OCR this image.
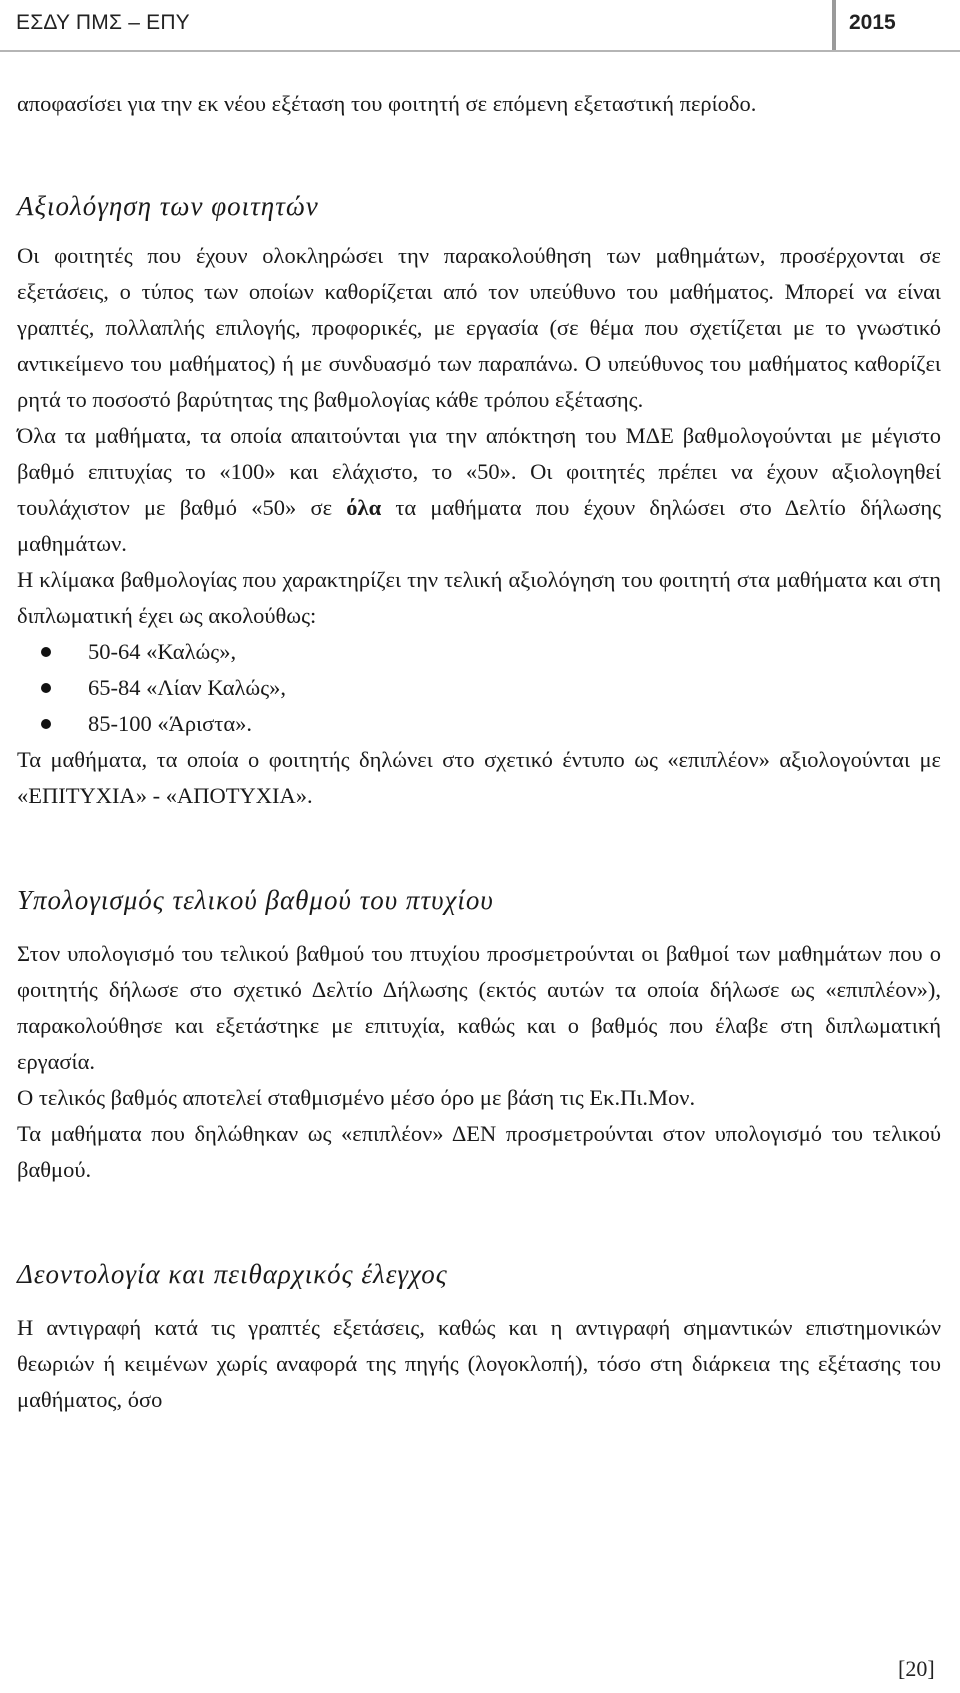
ΕΣΔΥ ΠΜΣ – ΕΠΥ	2015

αποφασίσει για την εκ νέου εξέταση του φοιτητή σε επόμενη εξεταστική περίοδο.

Αξιολόγηση των φοιτητών

Οι φοιτητές που έχουν ολοκληρώσει την παρακολούθηση των μαθημάτων, προσέρχονται σε εξετάσεις, ο τύπος των οποίων καθορίζεται από τον υπεύθυνο του μαθήματος. Μπορεί να είναι γραπτές, πολλαπλής επιλογής, προφορικές, με εργασία (σε θέμα που σχετίζεται με το γνωστικό αντικείμενο του μαθήματος) ή με συνδυασμό των παραπάνω. Ο υπεύθυνος του μαθήματος καθορίζει ρητά το ποσοστό βαρύτητας της βαθμολογίας κάθε τρόπου εξέτασης.

Όλα τα μαθήματα, τα οποία απαιτούνται για την απόκτηση του ΜΔΕ βαθμολογούνται με μέγιστο βαθμό επιτυχίας το «100» και ελάχιστο, το «50». Οι φοιτητές πρέπει να έχουν αξιολογηθεί τουλάχιστον με βαθμό «50» σε όλα τα μαθήματα που έχουν δηλώσει στο Δελτίο δήλωσης μαθημάτων.

Η κλίμακα βαθμολογίας που χαρακτηρίζει την τελική αξιολόγηση του φοιτητή στα μαθήματα και στη διπλωματική έχει ως ακολούθως:

50-64 «Καλώς»,
65-84 «Λίαν Καλώς»,
85-100 «Άριστα».

Τα μαθήματα, τα οποία ο φοιτητής δηλώνει στο σχετικό έντυπο ως «επιπλέον» αξιολογούνται με «ΕΠΙΤΥΧΙΑ» - «ΑΠΟΤΥΧΙΑ».

Υπολογισμός τελικού βαθμού του πτυχίου

Στον υπολογισμό του τελικού βαθμού του πτυχίου προσμετρούνται οι βαθμοί των μαθημάτων που ο φοιτητής δήλωσε στο σχετικό Δελτίο Δήλωσης (εκτός αυτών τα οποία δήλωσε ως «επιπλέον»), παρακολούθησε και εξετάστηκε με επιτυχία, καθώς και ο βαθμός που έλαβε στη διπλωματική εργασία.

Ο τελικός βαθμός αποτελεί σταθμισμένο μέσο όρο με βάση τις Εκ.Πι.Μον.

Τα μαθήματα που δηλώθηκαν ως «επιπλέον» ΔΕΝ προσμετρούνται στον υπολογισμό του τελικού βαθμού.

Δεοντολογία και πειθαρχικός έλεγχος

Η αντιγραφή κατά τις γραπτές εξετάσεις, καθώς και η αντιγραφή σημαντικών επιστημονικών θεωριών ή κειμένων χωρίς αναφορά της πηγής (λογοκλοπή), τόσο στη διάρκεια της εξέτασης του μαθήματος, όσο

[20]
